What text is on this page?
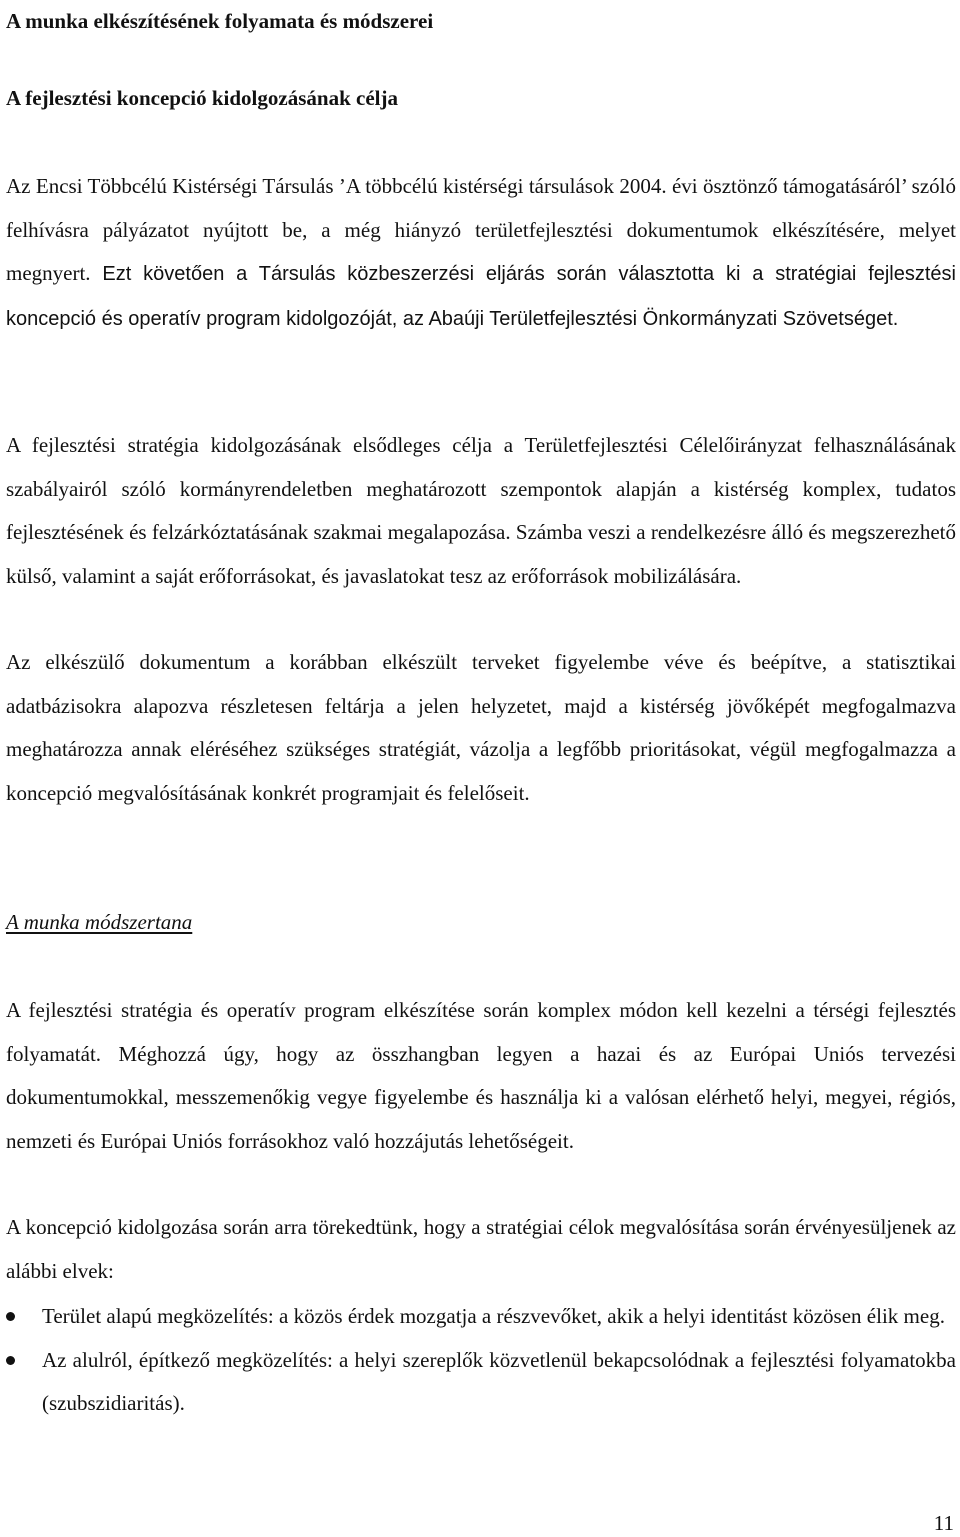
A munka elkészítésének folyamata és módszerei
A fejlesztési koncepció kidolgozásának célja

Az Encsi Többcélú Kistérségi Társulás ’A többcélú kistérségi társulások 2004. évi ösztönző támogatásáról’ szóló felhívásra pályázatot nyújtott be, a még hiányzó területfejlesztési dokumentumok elkészítésére, melyet megnyert. Ezt követően a Társulás közbeszerzési eljárás során választotta ki a stratégiai fejlesztési koncepció és operatív program kidolgozóját, az Abaúji Területfejlesztési Önkormányzati Szövetséget.

A fejlesztési stratégia kidolgozásának elsődleges célja a Területfejlesztési Célelőirányzat felhasználásának szabályairól szóló kormányrendeletben meghatározott szempontok alapján a kistérség komplex, tudatos fejlesztésének és felzárkóztatásának szakmai megalapozása. Számba veszi a rendelkezésre álló és megszerezhető külső, valamint a saját erőforrásokat, és javaslatokat tesz az erőforrások mobilizálására.

Az elkészülő dokumentum a korábban elkészült terveket figyelembe véve és beépítve, a statisztikai adatbázisokra alapozva részletesen feltárja a jelen helyzetet, majd a kistérség jövőképét megfogalmazva meghatározza annak eléréséhez szükséges stratégiát, vázolja a legfőbb prioritásokat, végül megfogalmazza a koncepció megvalósításának konkrét programjait és felelőseit.

A munka módszertana

A fejlesztési stratégia és operatív program elkészítése során komplex módon kell kezelni a térségi fejlesztés folyamatát. Méghozzá úgy, hogy az összhangban legyen a hazai és az Európai Uniós tervezési dokumentumokkal, messzemenőkig vegye figyelembe és használja ki a valósan elérhető helyi, megyei, régiós, nemzeti és Európai Uniós forrásokhoz való hozzájutás lehetőségeit.

A koncepció kidolgozása során arra törekedtünk, hogy a stratégiai célok megvalósítása során érvényesüljenek az alábbi elvek:

Terület alapú megközelítés: a közös érdek mozgatja a részvevőket, akik a helyi identitást közösen élik meg.
Az alulról, építkező megközelítés: a helyi szereplők közvetlenül bekapcsolódnak a fejlesztési folyamatokba (szubszidiaritás).
11
